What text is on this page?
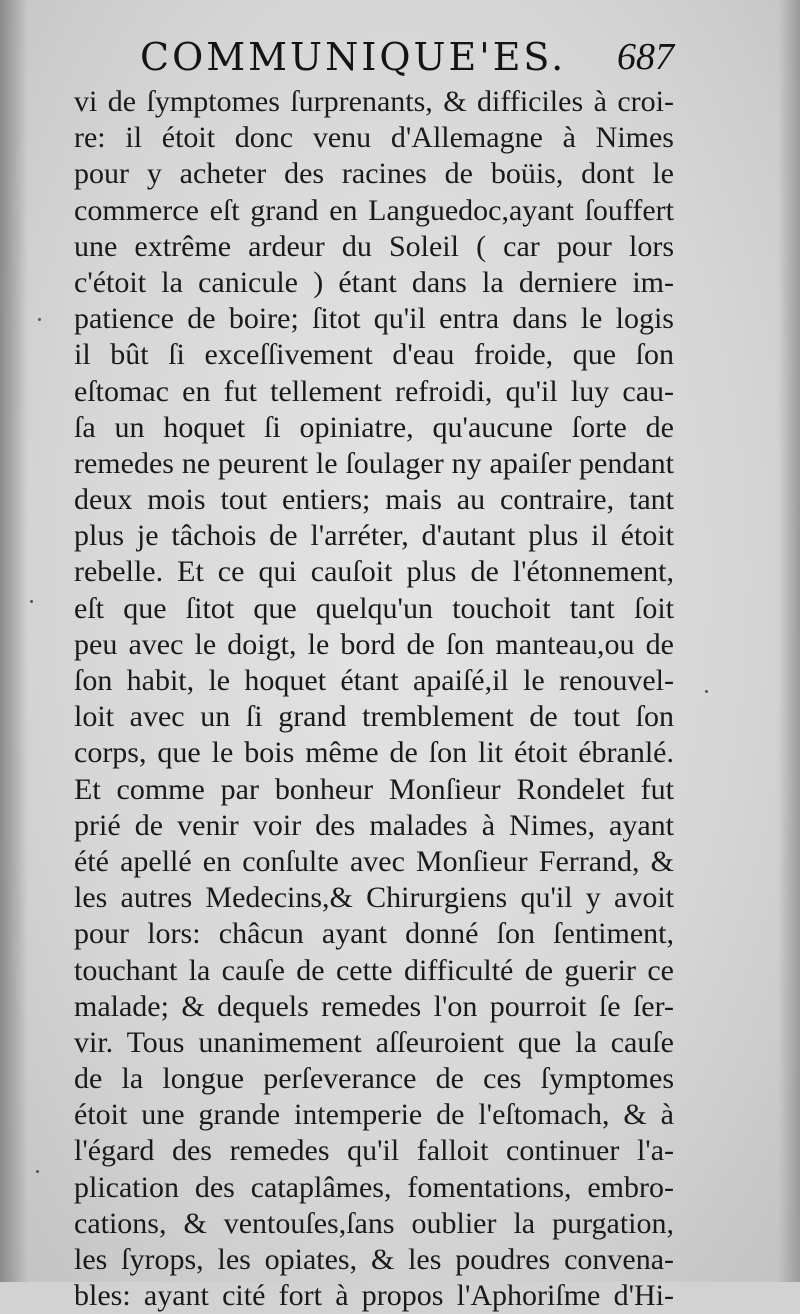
COMMUNIQUE'ES. 687
vi de ſymptomes ſurprenants, & difficiles à croi-
re: il étoit donc venu d'Allemagne à Nimes
pour y acheter des racines de boüis, dont le
commerce eſt grand en Languedoc,ayant ſouffert
une extrême ardeur du Soleil ( car pour lors
c'étoit la canicule ) étant dans la derniere im-
patience de boire; ſitot qu'il entra dans le logis
il bût ſi exceſſivement d'eau froide, que ſon
eſtomac en fut tellement refroidi, qu'il luy cau-
ſa un hoquet ſi opiniatre, qu'aucune ſorte de
remedes ne peurent le ſoulager ny apaiſer pendant
deux mois tout entiers; mais au contraire, tant
plus je tâchois de l'arréter, d'autant plus il étoit
rebelle. Et ce qui cauſoit plus de l'étonnement,
eſt que ſitot que quelqu'un touchoit tant ſoit
peu avec le doigt, le bord de ſon manteau,ou de
ſon habit, le hoquet étant apaiſé,il le renouvel-
loit avec un ſi grand tremblement de tout ſon
corps, que le bois même de ſon lit étoit ébranlé.
Et comme par bonheur Monſieur Rondelet fut
prié de venir voir des malades à Nimes, ayant
été apellé en conſulte avec Monſieur Ferrand, &
les autres Medecins,& Chirurgiens qu'il y avoit
pour lors: châcun ayant donné ſon ſentiment,
touchant la cauſe de cette difficulté de guerir ce
malade; & dequels remedes l'on pourroit ſe ſer-
vir. Tous unanimement aſſeuroient que la cauſe
de la longue perſeverance de ces ſymptomes
étoit une grande intemperie de l'eſtomach, & à
l'égard des remedes qu'il falloit continuer l'a-
plication des cataplâmes, fomentations, embro-
cations, & ventouſes,ſans oublier la purgation,
les ſyrops, les opiates, & les poudres convena-
bles: ayant cité fort à propos l'Aphoriſme d'Hi-
